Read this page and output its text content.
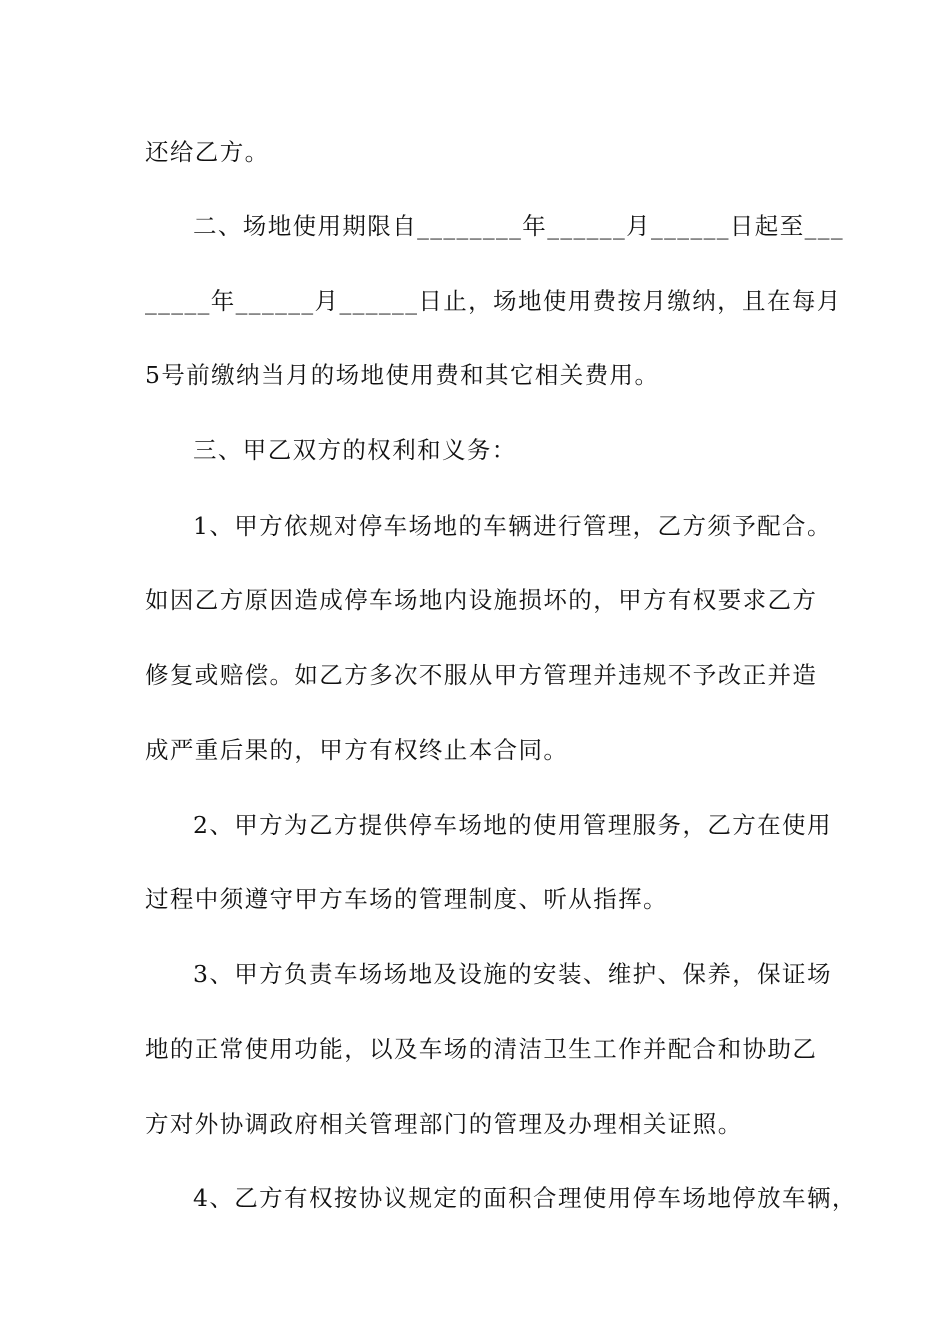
还给乙方。

二、场地使用期限自________年______月______日起至___

_____年______月______日止，场地使用费按月缴纳，且在每月

5号前缴纳当月的场地使用费和其它相关费用。

三、甲乙双方的权利和义务：

1、甲方依规对停车场地的车辆进行管理，乙方须予配合。

如因乙方原因造成停车场地内设施损坏的，甲方有权要求乙方

修复或赔偿。如乙方多次不服从甲方管理并违规不予改正并造

成严重后果的，甲方有权终止本合同。

2、甲方为乙方提供停车场地的使用管理服务，乙方在使用

过程中须遵守甲方车场的管理制度、听从指挥。

3、甲方负责车场场地及设施的安装、维护、保养，保证场

地的正常使用功能，以及车场的清洁卫生工作并配合和协助乙

方对外协调政府相关管理部门的管理及办理相关证照。

4、乙方有权按协议规定的面积合理使用停车场地停放车辆，
